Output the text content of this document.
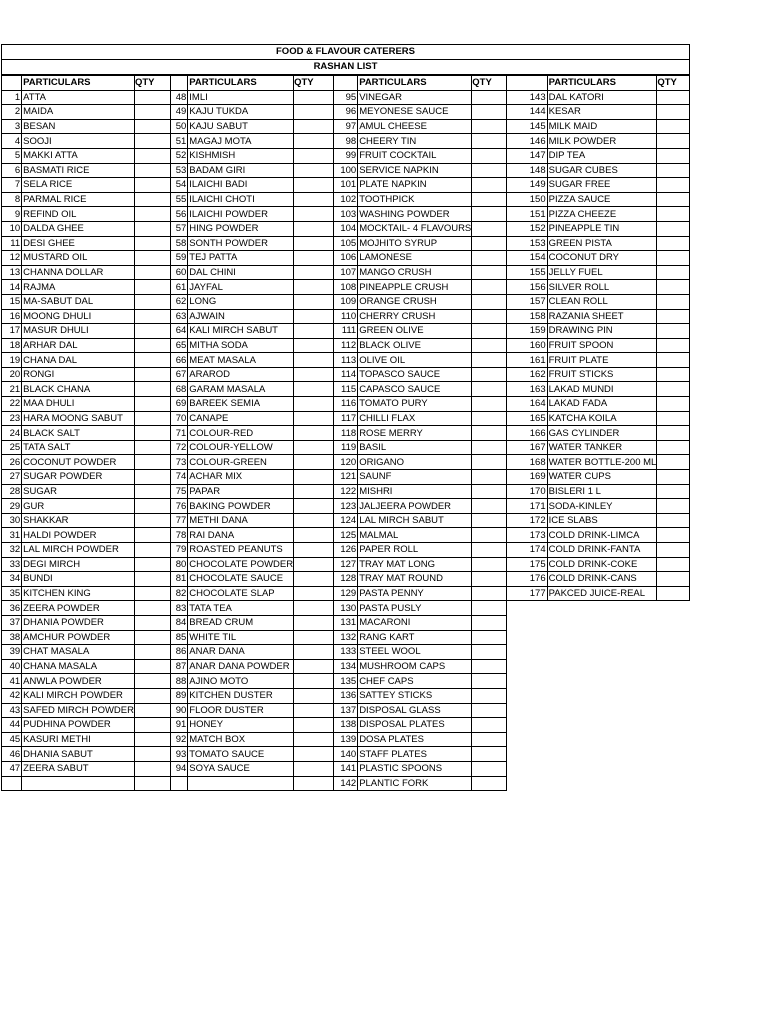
FOOD & FLAVOUR CATERERS
RASHAN LIST
	PARTICULARS	QTY		PARTICULARS	QTY		PARTICULARS	QTY		PARTICULARS	QTY
1	ATTA		48	IMLI		95	VINEGAR		143	DAL KATORI	
2	MAIDA		49	KAJU TUKDA		96	MEYONESE SAUCE		144	KESAR	
3	BESAN		50	KAJU SABUT		97	AMUL CHEESE		145	MILK MAID	
4	SOOJI		51	MAGAJ MOTA		98	CHEERY TIN		146	MILK POWDER	
5	MAKKI ATTA		52	KISHMISH		99	FRUIT COCKTAIL		147	DIP TEA	
6	BASMATI RICE		53	BADAM GIRI		100	SERVICE NAPKIN		148	SUGAR CUBES	
7	SELA RICE		54	ILAICHI BADI		101	PLATE NAPKIN		149	SUGAR FREE	
8	PARMAL RICE		55	ILAICHI CHOTI		102	TOOTHPICK		150	PIZZA SAUCE	
9	REFIND OIL		56	ILAICHI POWDER		103	WASHING POWDER		151	PIZZA CHEEZE	
10	DALDA GHEE		57	HING POWDER		104	MOCKTAIL- 4 FLAVOURS		152	PINEAPPLE TIN	
11	DESI GHEE		58	SONTH POWDER		105	MOJHITO SYRUP		153	GREEN PISTA	
12	MUSTARD OIL		59	TEJ PATTA		106	LAMONESE		154	COCONUT DRY	
13	CHANNA DOLLAR		60	DAL CHINI		107	MANGO CRUSH		155	JELLY FUEL	
14	RAJMA		61	JAYFAL		108	PINEAPPLE CRUSH		156	SILVER ROLL	
15	MA-SABUT DAL		62	LONG		109	ORANGE CRUSH		157	CLEAN ROLL	
16	MOONG DHULI		63	AJWAIN		110	CHERRY CRUSH		158	RAZANIA SHEET	
17	MASUR DHULI		64	KALI MIRCH SABUT		111	GREEN OLIVE		159	DRAWING PIN	
18	ARHAR DAL		65	MITHA SODA		112	BLACK OLIVE		160	FRUIT SPOON	
19	CHANA DAL		66	MEAT MASALA		113	OLIVE OIL		161	FRUIT PLATE	
20	RONGI		67	ARAROD		114	TOPASCO SAUCE		162	FRUIT STICKS	
21	BLACK CHANA		68	GARAM MASALA		115	CAPASCO SAUCE		163	LAKAD MUNDI	
22	MAA DHULI		69	BAREEK SEMIA		116	TOMATO PURY		164	LAKAD FADA	
23	HARA MOONG SABUT		70	CANAPE		117	CHILLI FLAX		165	KATCHA KOILA	
24	BLACK SALT		71	COLOUR-RED		118	ROSE MERRY		166	GAS CYLINDER	
25	TATA SALT		72	COLOUR-YELLOW		119	BASIL		167	WATER TANKER	
26	COCONUT POWDER		73	COLOUR-GREEN		120	ORIGANO		168	WATER BOTTLE-200 ML	
27	SUGAR POWDER		74	ACHAR MIX		121	SAUNF		169	WATER CUPS	
28	SUGAR		75	PAPAR		122	MISHRI		170	BISLERI 1 L	
29	GUR		76	BAKING POWDER		123	JALJEERA POWDER		171	SODA-KINLEY	
30	SHAKKAR		77	METHI DANA		124	LAL MIRCH SABUT		172	ICE SLABS	
31	HALDI POWDER		78	RAI DANA		125	MALMAL		173	COLD DRINK-LIMCA	
32	LAL MIRCH POWDER		79	ROASTED PEANUTS		126	PAPER ROLL		174	COLD DRINK-FANTA	
33	DEGI MIRCH		80	CHOCOLATE POWDER		127	TRAY MAT LONG		175	COLD DRINK-COKE	
34	BUNDI		81	CHOCOLATE SAUCE		128	TRAY MAT ROUND		176	COLD DRINK-CANS	
35	KITCHEN KING		82	CHOCOLATE SLAP		129	PASTA PENNY		177	PAKCED JUICE-REAL	
36	ZEERA POWDER		83	TATA TEA		130	PASTA PUSLY				
37	DHANIA POWDER		84	BREAD CRUM		131	MACARONI				
38	AMCHUR POWDER		85	WHITE TIL		132	RANG KART				
39	CHAT MASALA		86	ANAR DANA		133	STEEL WOOL				
40	CHANA MASALA		87	ANAR DANA POWDER		134	MUSHROOM CAPS				
41	ANWLA POWDER		88	AJINO MOTO		135	CHEF CAPS				
42	KALI MIRCH POWDER		89	KITCHEN DUSTER		136	SATTEY STICKS				
43	SAFED MIRCH POWDER		90	FLOOR DUSTER		137	DISPOSAL GLASS				
44	PUDHINA POWDER		91	HONEY		138	DISPOSAL PLATES				
45	KASURI METHI		92	MATCH BOX		139	DOSA PLATES				
46	DHANIA SABUT		93	TOMATO SAUCE		140	STAFF PLATES				
47	ZEERA SABUT		94	SOYA SAUCE		141	PLASTIC SPOONS				
						142	PLANTIC FORK				
